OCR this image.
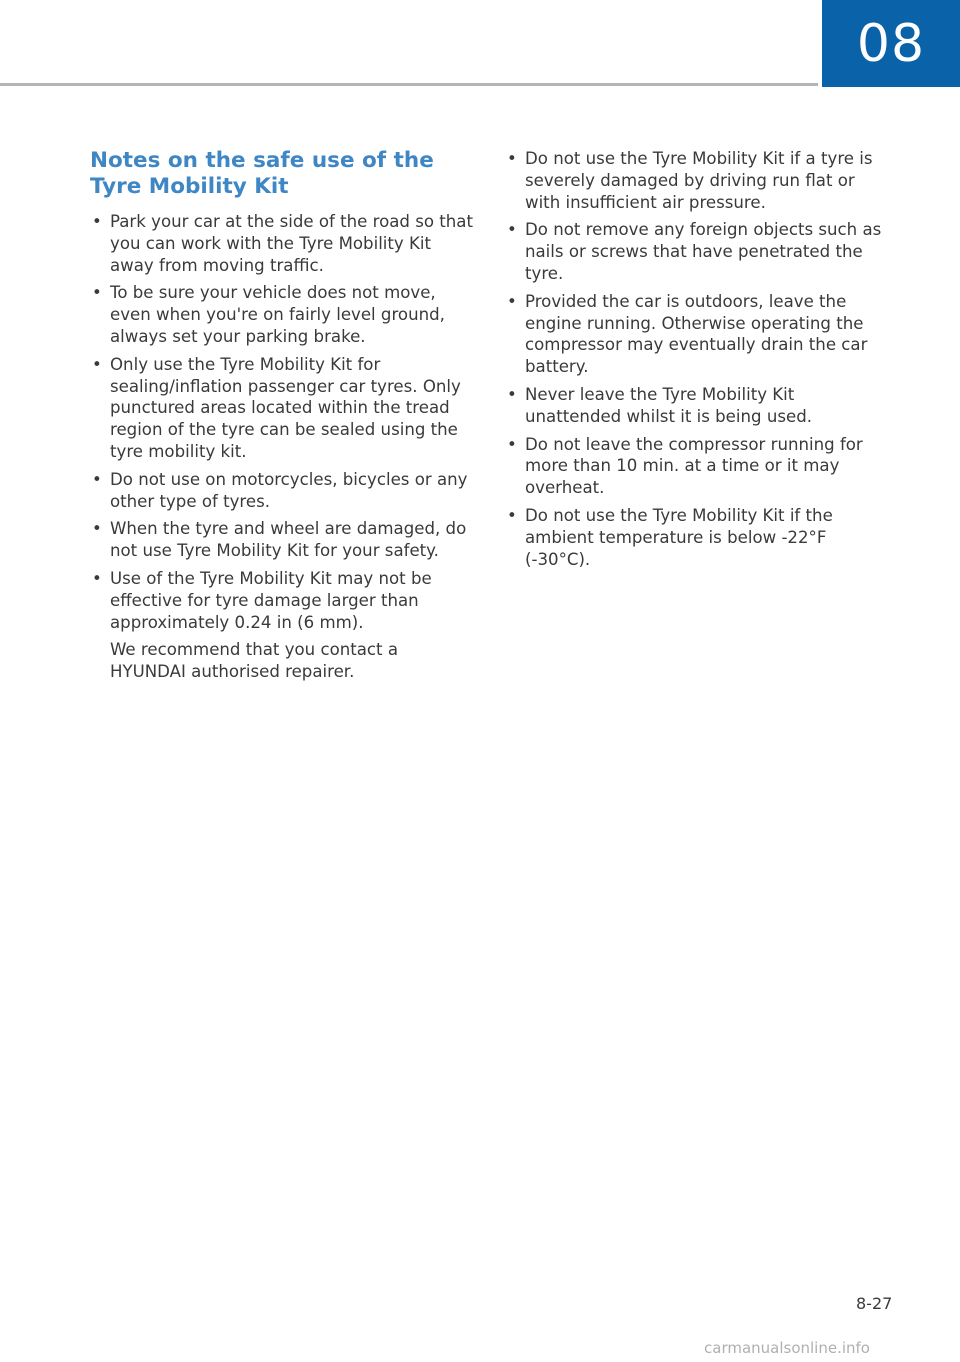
08
Notes on the safe use of the Tyre Mobility Kit
• Park your car at the side of the road so that you can work with the Tyre Mobility Kit away from moving traffic.
• To be sure your vehicle does not move, even when you're on fairly level ground, always set your parking brake.
• Only use the Tyre Mobility Kit for sealing/inflation passenger car tyres. Only punctured areas located within the tread region of the tyre can be sealed using the tyre mobility kit.
• Do not use on motorcycles, bicycles or any other type of tyres.
• When the tyre and wheel are damaged, do not use Tyre Mobility Kit for your safety.
• Use of the Tyre Mobility Kit may not be effective for tyre damage larger than approximately 0.24 in (6 mm).
We recommend that you contact a HYUNDAI authorised repairer.
• Do not use the Tyre Mobility Kit if a tyre is severely damaged by driving run flat or with insufficient air pressure.
• Do not remove any foreign objects such as nails or screws that have penetrated the tyre.
• Provided the car is outdoors, leave the engine running. Otherwise operating the compressor may eventually drain the car battery.
• Never leave the Tyre Mobility Kit unattended whilst it is being used.
• Do not leave the compressor running for more than 10 min. at a time or it may overheat.
• Do not use the Tyre Mobility Kit if the ambient temperature is below -22°F (-30°C).
8-27
carmanualsonline.info
